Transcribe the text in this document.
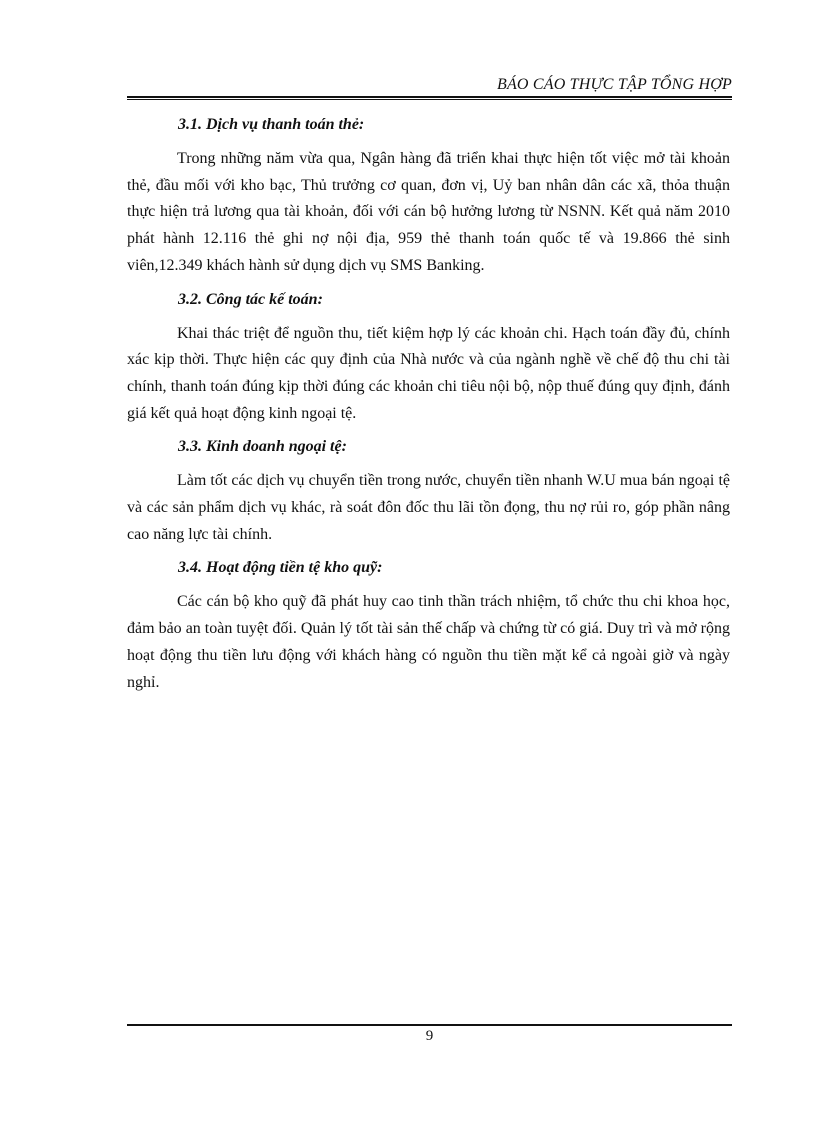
BÁO CÁO THỰC TẬP TỔNG HỢP

3.1. Dịch vụ thanh toán thẻ:

Trong những năm vừa qua, Ngân hàng đã triển khai thực hiện tốt việc mở tài khoản thẻ, đầu mối với kho bạc, Thủ trưởng cơ quan, đơn vị, Uỷ ban nhân dân các xã, thỏa thuận thực hiện trả lương qua tài khoản, đối với cán bộ hưởng lương từ NSNN. Kết quả năm 2010 phát hành 12.116 thẻ ghi nợ nội địa, 959 thẻ thanh toán quốc tế và 19.866 thẻ sinh viên,12.349 khách hành sử dụng dịch vụ SMS Banking.

3.2. Công tác kế toán:

Khai thác triệt để nguồn thu, tiết kiệm hợp lý các khoản chi. Hạch toán đầy đủ, chính xác kịp thời. Thực hiện các quy định của Nhà nước và của ngành nghề về chế độ thu chi tài chính, thanh toán đúng kịp thời đúng các khoản chi tiêu nội bộ, nộp thuế đúng quy định, đánh giá kết quả hoạt động kinh ngoại tệ.

3.3. Kinh doanh ngoại tệ:

Làm tốt các dịch vụ chuyển tiền trong nước, chuyển tiền nhanh W.U mua bán ngoại tệ và các sản phẩm dịch vụ khác, rà soát đôn đốc thu lãi tồn đọng, thu nợ rủi ro, góp phần nâng cao năng lực tài chính.

3.4. Hoạt động tiền tệ kho quỹ:

Các cán bộ kho quỹ đã phát huy cao tinh thần trách nhiệm, tổ chức thu chi khoa học, đảm bảo an toàn tuyệt đối. Quản lý tốt tài sản thế chấp và chứng từ có giá. Duy trì và mở rộng hoạt động thu tiền lưu động với khách hàng có nguồn thu tiền mặt kể cả ngoài giờ và ngày nghỉ.

9
